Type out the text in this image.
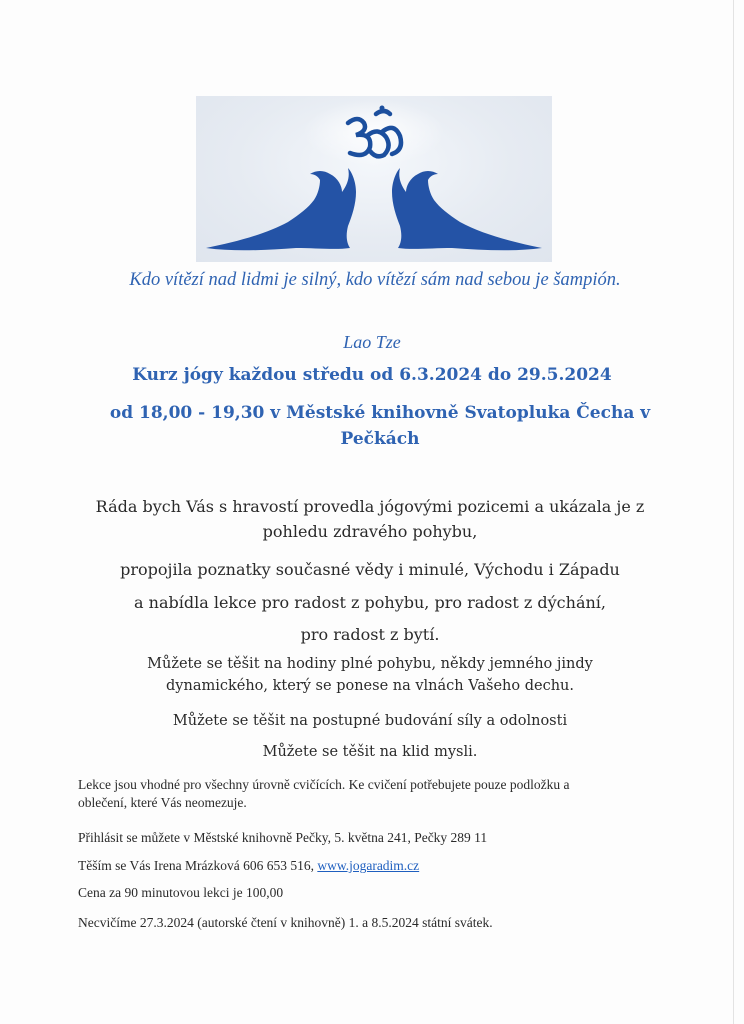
Kdo vítězí nad lidmi je silný, kdo vítězí sám nad sebou je šampión.
Lao Tze
Kurz jógy každou středu od 6.3.2024 do 29.5.2024
od 18,00 - 19,30 v Městské knihovně Svatopluka Čecha v Pečkách
Ráda bych Vás s hravostí provedla jógovými pozicemi a ukázala je z pohledu zdravého pohybu,
propojila poznatky současné vědy i minulé, Východu i Západu
a nabídla lekce pro radost z pohybu, pro radost z dýchání,
pro radost z bytí.
Můžete se těšit na hodiny plné pohybu, někdy jemného jindy dynamického, který se ponese na vlnách Vašeho dechu.
Můžete se těšit na postupné budování síly a odolnosti
Můžete se těšit na klid mysli.
Lekce jsou vhodné pro všechny úrovně cvičících. Ke cvičení potřebujete pouze podložku a oblečení, které Vás neomezuje.
Přihlásit se můžete v Městské knihovně Pečky, 5. května 241, Pečky 289 11
Těším se Vás Irena Mrázková 606 653 516, www.jogaradim.cz
Cena za 90 minutovou lekci je 100,00
Necvičíme 27.3.2024 (autorské čtení v knihovně) 1. a 8.5.2024 státní svátek.
